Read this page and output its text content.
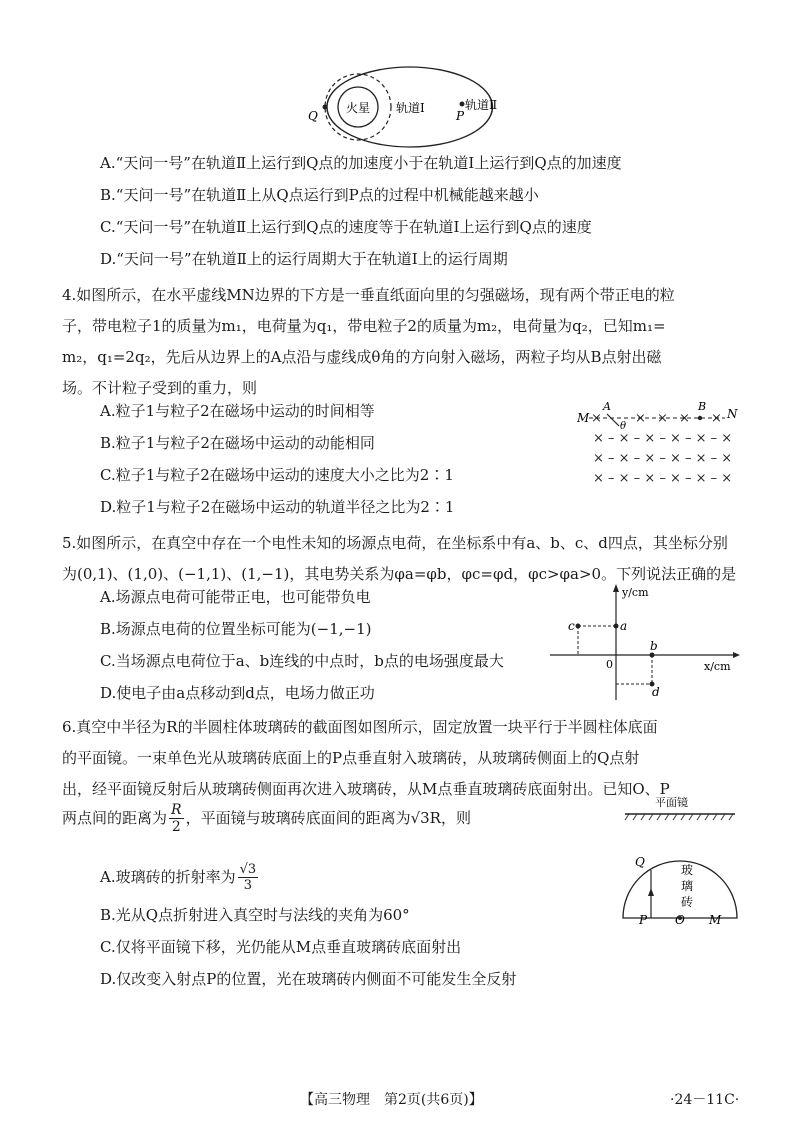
火星 轨道Ⅰ	轨道Ⅱ
Q	P
A.“天问一号”在轨道Ⅱ上运行到Q点的加速度小于在轨道Ⅰ上运行到Q点的加速度
B.“天问一号”在轨道Ⅱ上从Q点运行到P点的过程中机械能越来越小
C.“天问一号”在轨道Ⅱ上运行到Q点的速度等于在轨道Ⅰ上运行到Q点的速度
D.“天问一号”在轨道Ⅱ上的运行周期大于在轨道Ⅰ上的运行周期
4.如图所示，在水平虚线MN边界的下方是一垂直纸面向里的匀强磁场，现有两个带正电的粒
子，带电粒子1的质量为m₁，电荷量为q₁，带电粒子2的质量为m₂，电荷量为q₂，已知m₁=
m₂，q₁=2q₂，先后从边界上的A点沿与虚线成θ角的方向射入磁场，两粒子均从B点射出磁
场。不计粒子受到的重力，则
A.粒子1与粒子2在磁场中运动的时间相等
B.粒子1与粒子2在磁场中运动的动能相同
C.粒子1与粒子2在磁场中运动的速度大小之比为2∶1
D.粒子1与粒子2在磁场中运动的轨道半径之比为2∶1
M	N
A	B
θ
×	× × × ×
× – × – × – × – × – ×
× – × – × – × – × – ×
× – × – × – × – × – ×
5.如图所示，在真空中存在一个电性未知的场源点电荷，在坐标系中有a、b、c、d四点，其坐标分别
为(0,1)、(1,0)、(−1,1)、(1,−1)，其电势关系为φa=φb，φc=φd，φc>φa>0。下列说法正确的是
A.场源点电荷可能带正电，也可能带负电
B.场源点电荷的位置坐标可能为(−1,−1)
C.当场源点电荷位于a、b连线的中点时，b点的电场强度最大
D.使电子由a点移动到d点，电场力做正功
y/cm
x/cm
0
a
b
c
d
6.真空中半径为R的半圆柱体玻璃砖的截面图如图所示，固定放置一块平行于半圆柱体底面
的平面镜。一束单色光从玻璃砖底面上的P点垂直射入玻璃砖，从玻璃砖侧面上的Q点射
出，经平面镜反射后从玻璃砖侧面再次进入玻璃砖，从M点垂直玻璃砖底面射出。已知O、P
两点间的距离为 $\frac{R}{2}$ ，平面镜与玻璃砖底面间的距离为√3R，则
A.玻璃砖的折射率为 $\frac{√3}{3}$
B.光从Q点折射进入真空时与法线的夹角为60°
C.仅将平面镜下移，光仍能从M点垂直玻璃砖底面射出
D.仅改变入射点P的位置，光在玻璃砖内侧面不可能发生全反射
平面镜
Q
P O M
玻
璃
砖
【高三物理　第2页(共6页)】	·24－11C·
